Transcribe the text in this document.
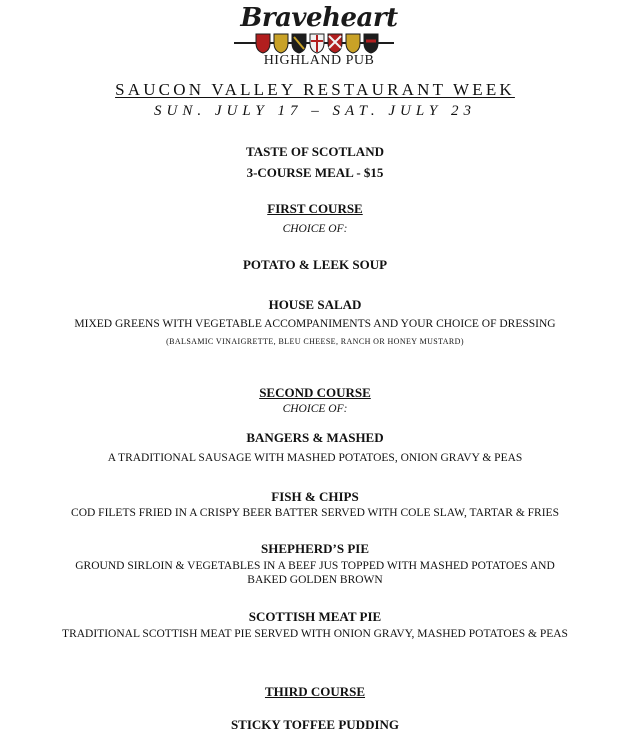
Braveheart
HIGHLAND PUB
SAUCON VALLEY RESTAURANT WEEK
SUN. JULY 17 – SAT. JULY 23
TASTE OF SCOTLAND
3-COURSE MEAL - $15
FIRST COURSE
CHOICE OF:
POTATO & LEEK SOUP
HOUSE SALAD
MIXED GREENS WITH VEGETABLE ACCOMPANIMENTS AND YOUR CHOICE OF DRESSING
(BALSAMIC VINAIGRETTE, BLEU CHEESE, RANCH OR HONEY MUSTARD)
SECOND COURSE
CHOICE OF:
BANGERS & MASHED
A TRADITIONAL SAUSAGE WITH MASHED POTATOES, ONION GRAVY & PEAS
FISH & CHIPS
COD FILETS FRIED IN A CRISPY BEER BATTER SERVED WITH COLE SLAW, TARTAR & FRIES
SHEPHERD’S PIE
GROUND SIRLOIN & VEGETABLES IN A BEEF JUS TOPPED WITH MASHED POTATOES AND
BAKED GOLDEN BROWN
SCOTTISH MEAT PIE
TRADITIONAL SCOTTISH MEAT PIE SERVED WITH ONION GRAVY, MASHED POTATOES & PEAS
THIRD COURSE
STICKY TOFFEE PUDDING
